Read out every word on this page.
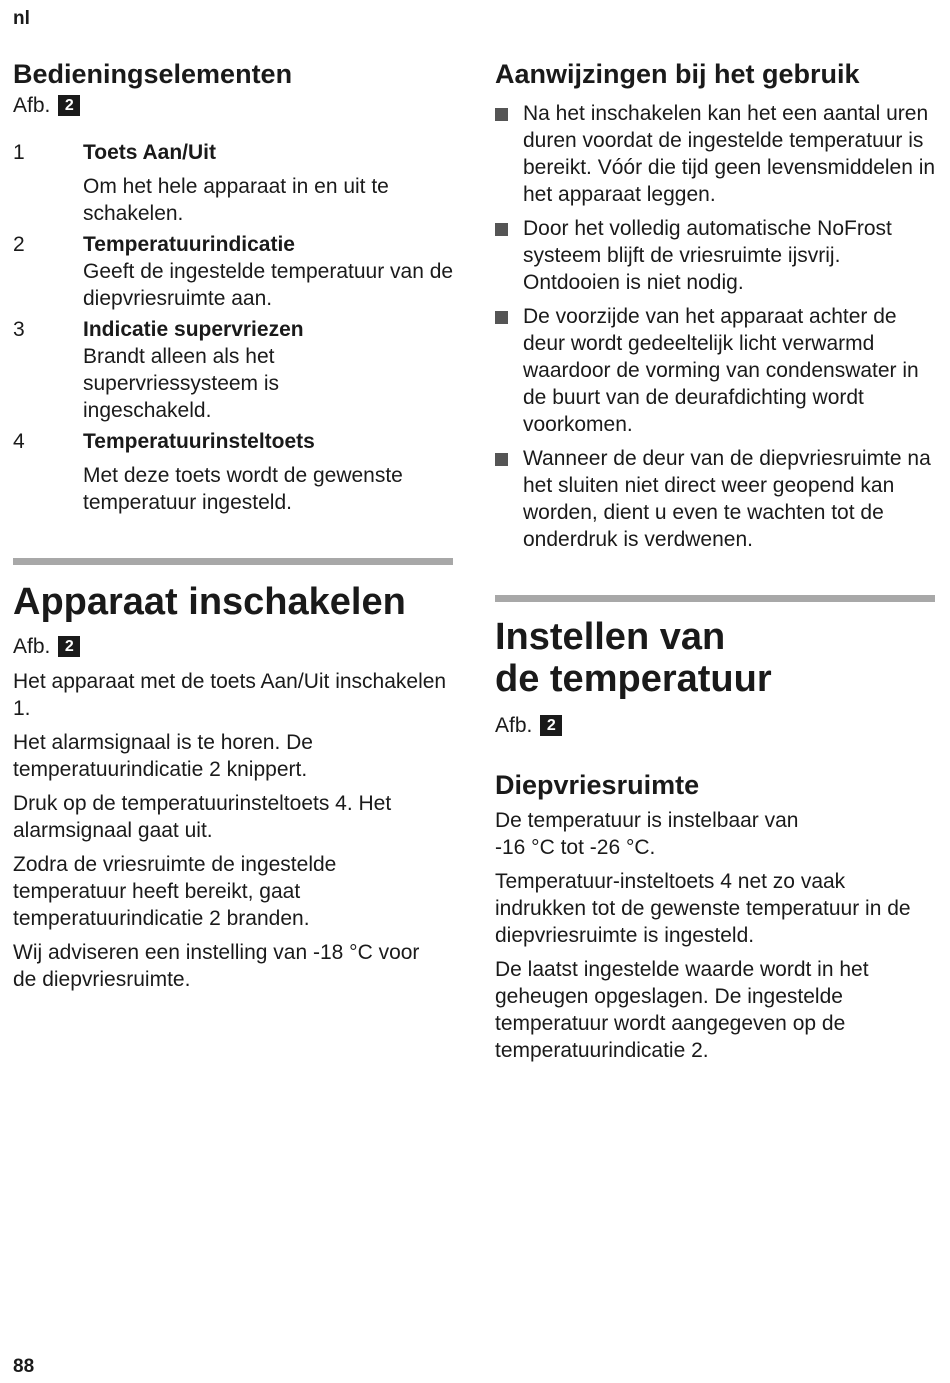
nl
Bedieningselementen
Afb. 2
1	Toets Aan/Uit
Om het hele apparaat in en uit te schakelen.
2	Temperatuurindicatie
Geeft de ingestelde temperatuur van de diepvriesruimte aan.
3	Indicatie supervriezen
Brandt alleen als het supervriessysteem is ingeschakeld.
4	Temperatuurinsteltoets
Met deze toets wordt de gewenste temperatuur ingesteld.
Apparaat inschakelen
Afb. 2

Het apparaat met de toets Aan/Uit inschakelen 1.

Het alarmsignaal is te horen. De temperatuurindicatie 2 knippert.

Druk op de temperatuurinsteltoets 4. Het alarmsignaal gaat uit.

Zodra de vriesruimte de ingestelde temperatuur heeft bereikt, gaat temperatuurindicatie 2 branden.

Wij adviseren een instelling van -18 °C voor de diepvriesruimte.

Aanwijzingen bij het gebruik

Na het inschakelen kan het een aantal uren duren voordat de ingestelde temperatuur is bereikt. Vóór die tijd geen levensmiddelen in het apparaat leggen.

Door het volledig automatische NoFrost systeem blijft de vriesruimte ijsvrij. Ontdooien is niet nodig.

De voorzijde van het apparaat achter de deur wordt gedeeltelijk licht verwarmd waardoor de vorming van condenswater in de buurt van de deurafdichting wordt voorkomen.

Wanneer de deur van de diepvriesruimte na het sluiten niet direct weer geopend kan worden, dient u even te wachten tot de onderdruk is verdwenen.

Instellen van
de temperatuur
Afb. 2
Diepvriesruimte

De temperatuur is instelbaar van -16 °C tot -26 °C.

Temperatuur-insteltoets 4 net zo vaak indrukken tot de gewenste temperatuur in de diepvriesruimte is ingesteld.

De laatst ingestelde waarde wordt in het geheugen opgeslagen. De ingestelde temperatuur wordt aangegeven op de temperatuurindicatie 2.

88
